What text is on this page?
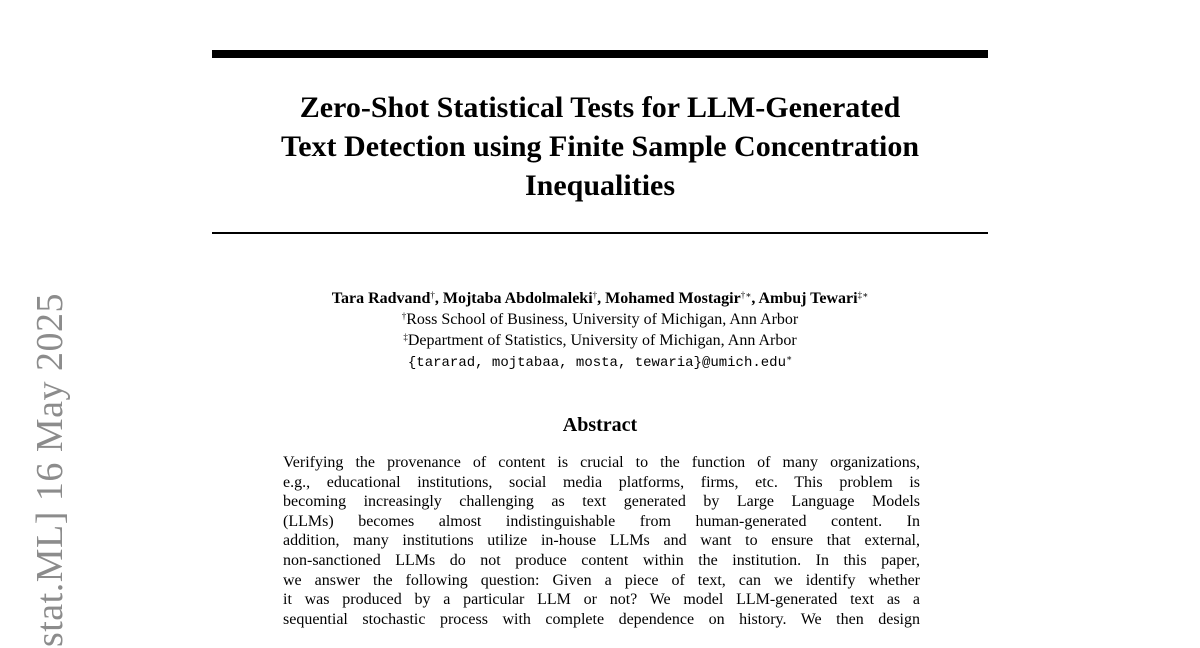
Zero-Shot Statistical Tests for LLM-Generated
Text Detection using Finite Sample Concentration
Inequalities
Tara Radvand†, Mojtaba Abdolmaleki†, Mohamed Mostagir†∗, Ambuj Tewari‡∗
†Ross School of Business, University of Michigan, Ann Arbor
‡Department of Statistics, University of Michigan, Ann Arbor
{tararad, mojtabaa, mosta, tewaria}@umich.edu∗
Abstract
Verifying the provenance of content is crucial to the function of many organizations,
e.g., educational institutions, social media platforms, firms, etc. This problem is
becoming increasingly challenging as text generated by Large Language Models
(LLMs) becomes almost indistinguishable from human-generated content. In
addition, many institutions utilize in-house LLMs and want to ensure that external,
non-sanctioned LLMs do not produce content within the institution. In this paper,
we answer the following question: Given a piece of text, can we identify whether
it was produced by a particular LLM or not? We model LLM-generated text as a
sequential stochastic process with complete dependence on history. We then design
stat.ML] 16 May 2025
